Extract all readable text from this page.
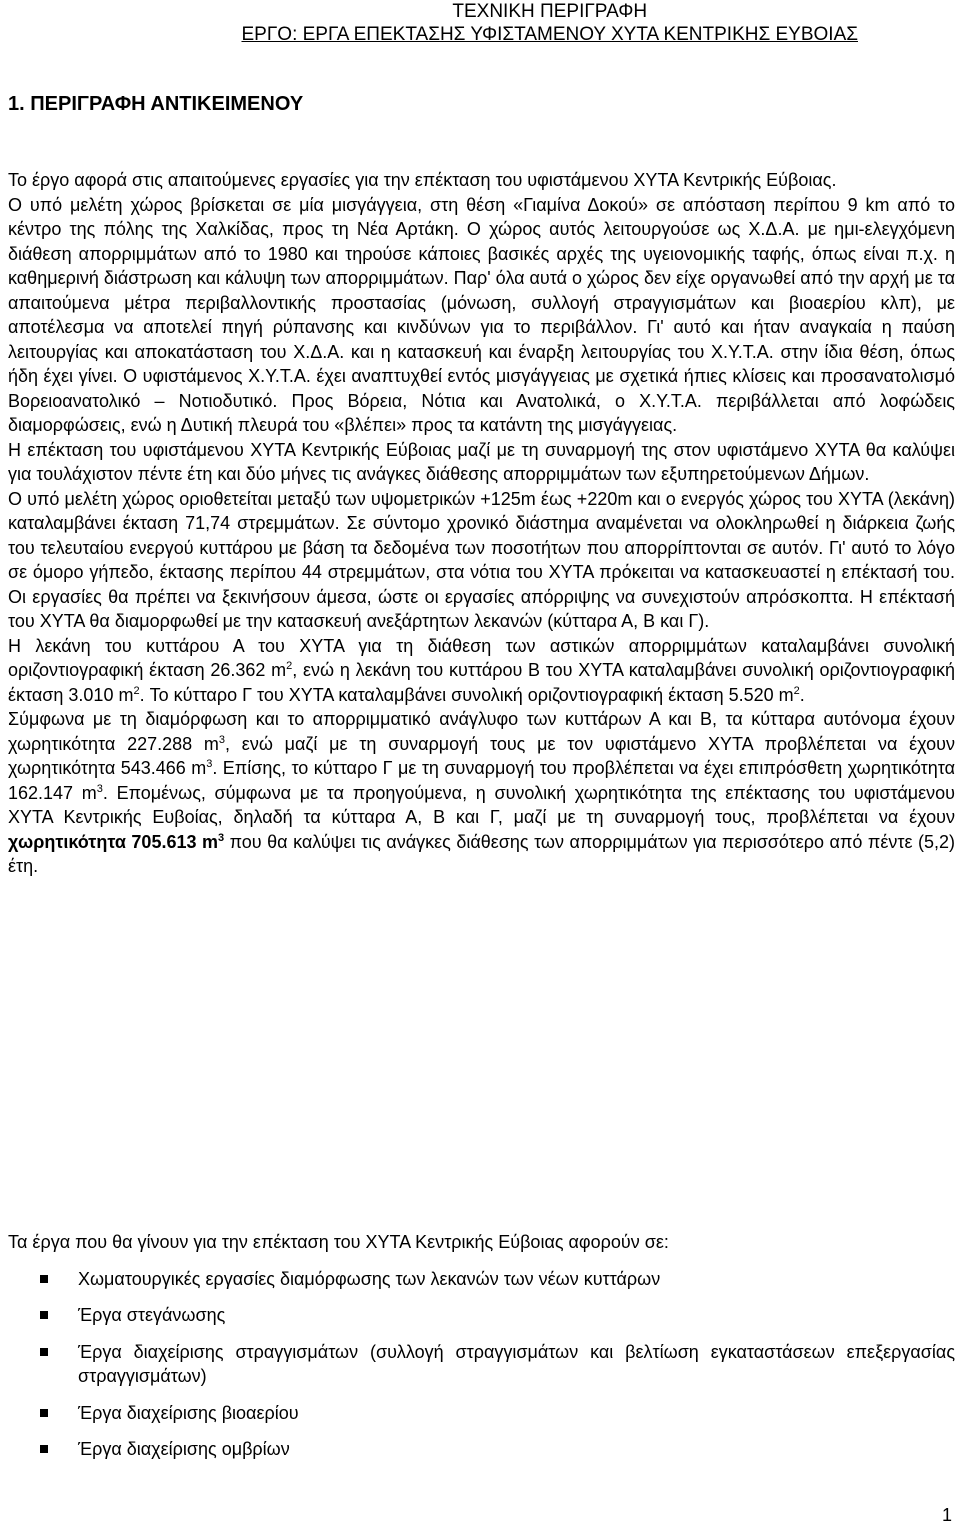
ΤΕΧΝΙΚΗ ΠΕΡΙΓΡΑΦΗ
ΕΡΓΟ: ΕΡΓΑ ΕΠΕΚΤΑΣΗΣ ΥΦΙΣΤΑΜΕΝΟΥ ΧΥΤΑ ΚΕΝΤΡΙΚΗΣ ΕΥΒΟΙΑΣ
1. ΠΕΡΙΓΡΑΦΗ ΑΝΤΙΚΕΙΜΕΝΟΥ

Το έργο αφορά στις απαιτούμενες εργασίες για την επέκταση του υφιστάμενου ΧΥΤΑ Κεντρικής Εύβοιας.

Ο υπό μελέτη χώρος βρίσκεται σε μία μισγάγγεια, στη θέση «Γιαμίνα Δοκού» σε απόσταση περίπου 9 km από το κέντρο της πόλης της Χαλκίδας, προς τη Νέα Αρτάκη. Ο χώρος αυτός λειτουργούσε ως Χ.Δ.Α. με ημι-ελεγχόμενη διάθεση απορριμμάτων από το 1980 και τηρούσε κάποιες βασικές αρχές της υγειονομικής ταφής, όπως είναι π.χ. η καθημερινή διάστρωση και κάλυψη των απορριμμάτων. Παρ' όλα αυτά ο χώρος δεν είχε οργανωθεί από την αρχή με τα απαιτούμενα μέτρα περιβαλλοντικής προστασίας (μόνωση, συλλογή στραγγισμάτων και βιοαερίου κλπ), με αποτέλεσμα να αποτελεί πηγή ρύπανσης και κινδύνων για το περιβάλλον. Γι' αυτό και ήταν αναγκαία η παύση λειτουργίας και αποκατάσταση του Χ.Δ.Α. και η κατασκευή και έναρξη λειτουργίας του Χ.Υ.Τ.Α. στην ίδια θέση, όπως ήδη έχει γίνει. Ο υφιστάμενος Χ.Υ.Τ.Α. έχει αναπτυχθεί εντός μισγάγγειας με σχετικά ήπιες κλίσεις και προσανατολισμό Βορειοανατολικό – Νοτιοδυτικό. Προς Βόρεια, Νότια και Ανατολικά, ο Χ.Υ.Τ.Α. περιβάλλεται από λοφώδεις διαμορφώσεις, ενώ η Δυτική πλευρά του «βλέπει» προς τα κατάντη της μισγάγγειας.

Η επέκταση του υφιστάμενου ΧΥΤΑ Κεντρικής Εύβοιας μαζί με τη συναρμογή της στον υφιστάμενο ΧΥΤΑ θα καλύψει για τουλάχιστον πέντε έτη και δύο μήνες τις ανάγκες διάθεσης απορριμμάτων των εξυπηρετούμενων Δήμων.

Ο υπό μελέτη χώρος οριοθετείται μεταξύ των υψομετρικών +125m έως +220m και ο ενεργός χώρος του ΧΥΤΑ (λεκάνη) καταλαμβάνει έκταση 71,74 στρεμμάτων. Σε σύντομο χρονικό διάστημα αναμένεται να ολοκληρωθεί η διάρκεια ζωής του τελευταίου ενεργού κυττάρου με βάση τα δεδομένα των ποσοτήτων που απορρίπτονται σε αυτόν. Γι' αυτό το λόγο σε όμορο γήπεδο, έκτασης περίπου 44 στρεμμάτων, στα νότια του ΧΥΤΑ πρόκειται να κατασκευαστεί η επέκτασή του. Οι εργασίες θα πρέπει να ξεκινήσουν άμεσα, ώστε οι εργασίες απόρριψης να συνεχιστούν απρόσκοπτα. Η επέκτασή του ΧΥΤΑ θα διαμορφωθεί με την κατασκευή ανεξάρτητων λεκανών (κύτταρα Α, Β και Γ).

Η λεκάνη του κυττάρου Α του ΧΥΤΑ για τη διάθεση των αστικών απορριμμάτων καταλαμβάνει συνολική οριζοντιογραφική έκταση 26.362 $m^2$, ενώ η λεκάνη του κυττάρου Β του ΧΥΤΑ καταλαμβάνει συνολική οριζοντιογραφική έκταση 3.010 $m^2$. Το κύτταρο Γ του ΧΥΤΑ καταλαμβάνει συνολική οριζοντιογραφική έκταση 5.520 $m^2$.

Σύμφωνα με τη διαμόρφωση και το απορριμματικό ανάγλυφο των κυττάρων Α και Β, τα κύτταρα αυτόνομα έχουν χωρητικότητα 227.288 $m^3$, ενώ μαζί με τη συναρμογή τους με τον υφιστάμενο ΧΥΤΑ προβλέπεται να έχουν χωρητικότητα 543.466 $m^3$. Επίσης, το κύτταρο Γ με τη συναρμογή του προβλέπεται να έχει επιπρόσθετη χωρητικότητα 162.147 $m^3$. Επομένως, σύμφωνα με τα προηγούμενα, η συνολική χωρητικότητα της επέκτασης του υφιστάμενου ΧΥΤΑ Κεντρικής Ευβοίας, δηλαδή τα κύτταρα Α, Β και Γ, μαζί με τη συναρμογή τους, προβλέπεται να έχουν χωρητικότητα 705.613 $m^3$ που θα καλύψει τις ανάγκες διάθεσης των απορριμμάτων για περισσότερο από πέντε (5,2) έτη.

Τα έργα που θα γίνουν για την επέκταση του ΧΥΤΑ Κεντρικής Εύβοιας αφορούν σε:

Χωματουργικές εργασίες διαμόρφωσης των λεκανών των νέων κυττάρων
Έργα στεγάνωσης
Έργα διαχείρισης στραγγισμάτων (συλλογή στραγγισμάτων και βελτίωση εγκαταστάσεων επεξεργασίας στραγγισμάτων)
Έργα διαχείρισης βιοαερίου
Έργα διαχείρισης ομβρίων
1
